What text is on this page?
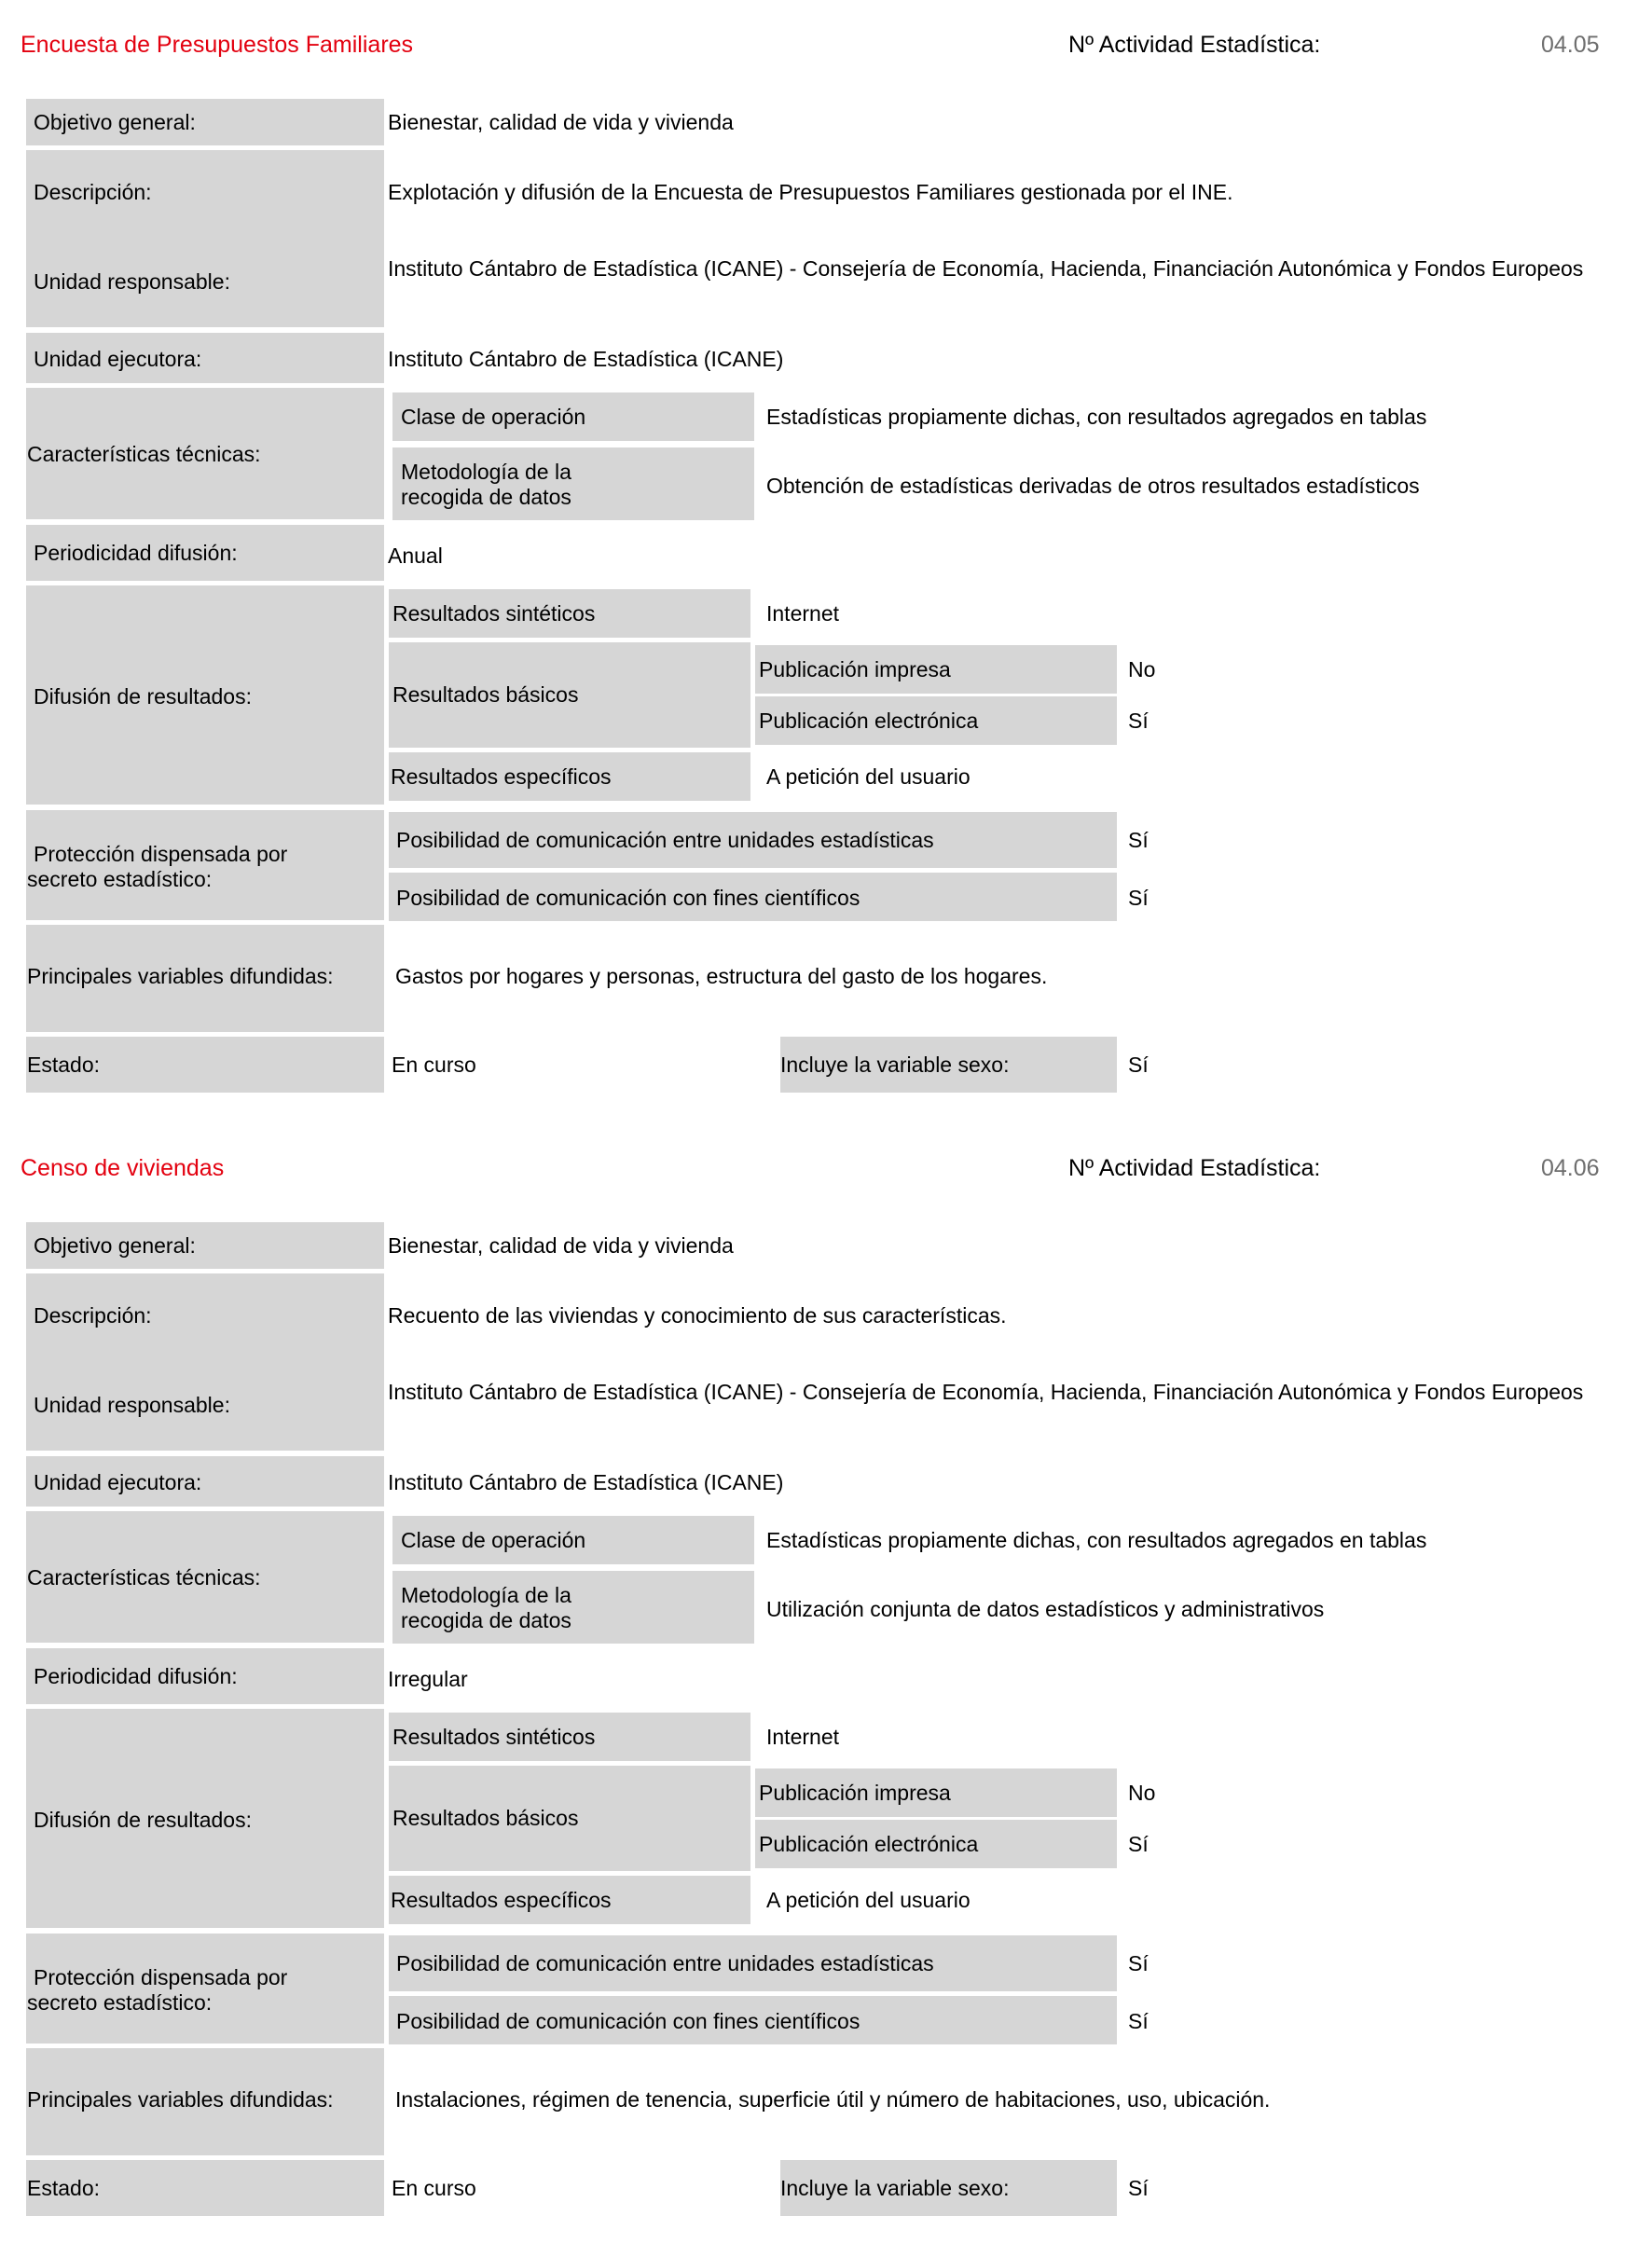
Encuesta de Presupuestos Familiares	Nº Actividad Estadística:	04.05
Objetivo general:	Bienestar, calidad de vida y vivienda
Descripción:	Explotación y difusión de la Encuesta de Presupuestos Familiares gestionada por el INE.
Unidad responsable:
Instituto Cántabro de Estadística (ICANE) - Consejería de Economía, Hacienda, Financiación Autonómica y Fondos Europeos
Unidad ejecutora:	Instituto Cántabro de Estadística (ICANE)
Características técnicas:
Clase de operación	Estadísticas propiamente dichas, con resultados agregados en tablas
Metodología de la
recogida de datos	Obtención de estadísticas derivadas de otros resultados estadísticos
Periodicidad difusión:	Anual
Difusión de resultados:
Resultados sintéticos	Internet
Resultados básicos
Publicación impresa	No
Publicación electrónica	Sí
Resultados específicos	A petición del usuario
Protección dispensada por
secreto estadístico:
Posibilidad de comunicación entre unidades estadísticas	Sí
Posibilidad de comunicación con fines científicos	Sí
Principales variables difundidas:	Gastos por hogares y personas, estructura del gasto de los hogares.
Estado:	En curso	Incluye la variable sexo:	Sí
Censo de viviendas	Nº Actividad Estadística:	04.06
Objetivo general:	Bienestar, calidad de vida y vivienda
Descripción:	Recuento de las viviendas y conocimiento de sus características.
Unidad responsable:
Instituto Cántabro de Estadística (ICANE) - Consejería de Economía, Hacienda, Financiación Autonómica y Fondos Europeos
Unidad ejecutora:	Instituto Cántabro de Estadística (ICANE)
Características técnicas:
Clase de operación	Estadísticas propiamente dichas, con resultados agregados en tablas
Metodología de la
recogida de datos	Utilización conjunta de datos estadísticos y administrativos
Periodicidad difusión:	Irregular
Difusión de resultados:
Resultados sintéticos	Internet
Resultados básicos
Publicación impresa	No
Publicación electrónica	Sí
Resultados específicos	A petición del usuario
Protección dispensada por
secreto estadístico:
Posibilidad de comunicación entre unidades estadísticas	Sí
Posibilidad de comunicación con fines científicos	Sí
Principales variables difundidas:	Instalaciones, régimen de tenencia, superficie útil y número de habitaciones, uso, ubicación.
Estado:	En curso	Incluye la variable sexo:	Sí
